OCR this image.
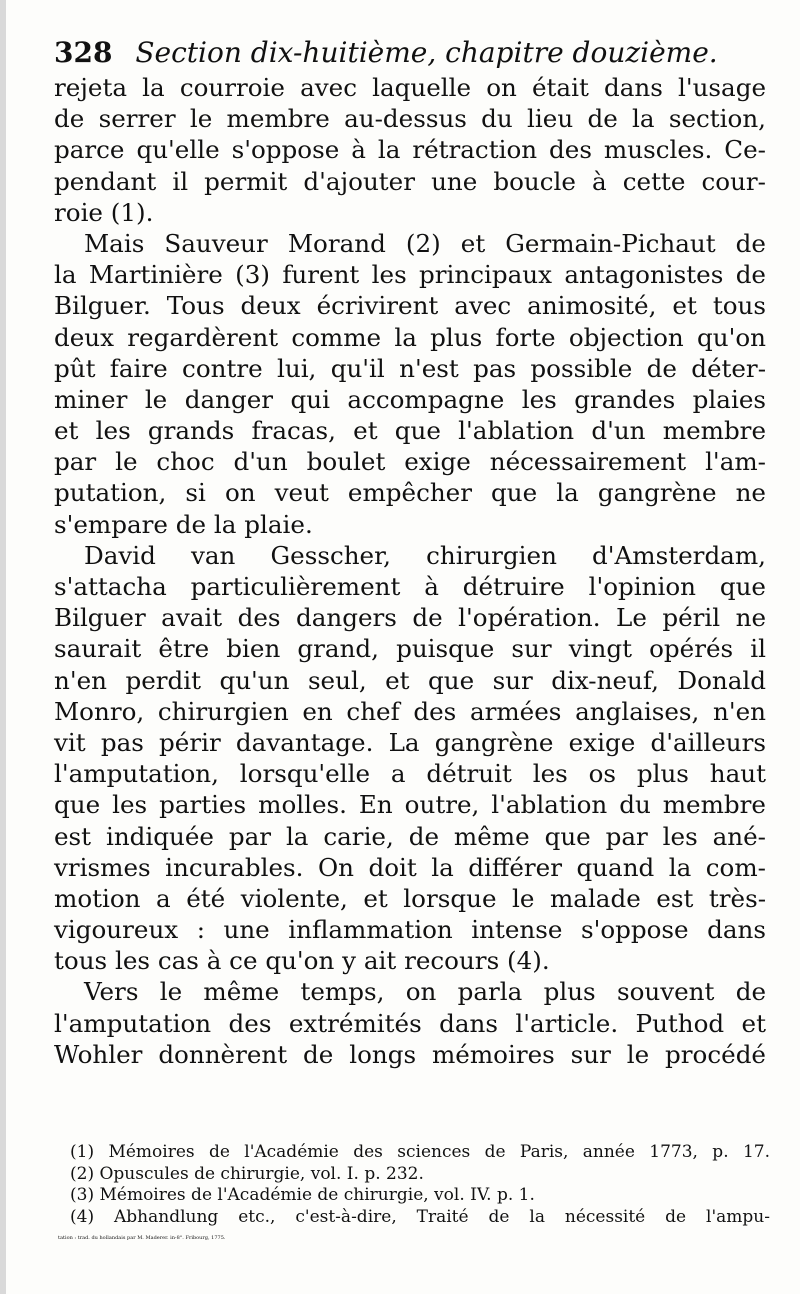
328 Section dix-huitième, chapitre douzième.
rejeta la courroie avec laquelle on était dans l'usage
de serrer le membre au-dessus du lieu de la section,
parce qu'elle s'oppose à la rétraction des muscles. Ce-
pendant il permit d'ajouter une boucle à cette cour-
roie (1).
Mais Sauveur Morand (2) et Germain-Pichaut de
la Martinière (3) furent les principaux antagonistes de
Bilguer. Tous deux écrivirent avec animosité, et tous
deux regardèrent comme la plus forte objection qu'on
pût faire contre lui, qu'il n'est pas possible de déter-
miner le danger qui accompagne les grandes plaies
et les grands fracas, et que l'ablation d'un membre
par le choc d'un boulet exige nécessairement l'am-
putation, si on veut empêcher que la gangrène ne
s'empare de la plaie.
David van Gesscher, chirurgien d'Amsterdam,
s'attacha particulièrement à détruire l'opinion que
Bilguer avait des dangers de l'opération. Le péril ne
saurait être bien grand, puisque sur vingt opérés il
n'en perdit qu'un seul, et que sur dix-neuf, Donald
Monro, chirurgien en chef des armées anglaises, n'en
vit pas périr davantage. La gangrène exige d'ailleurs
l'amputation, lorsqu'elle a détruit les os plus haut
que les parties molles. En outre, l'ablation du membre
est indiquée par la carie, de même que par les ané-
vrismes incurables. On doit la différer quand la com-
motion a été violente, et lorsque le malade est très-
vigoureux : une inflammation intense s'oppose dans
tous les cas à ce qu'on y ait recours (4).
Vers le même temps, on parla plus souvent de
l'amputation des extrémités dans l'article. Puthod et
Wohler donnèrent de longs mémoires sur le procédé
(1) Mémoires de l'Académie des sciences de Paris, année 1773, p. 17.
(2) Opuscules de chirurgie, vol. I. p. 232.
(3) Mémoires de l'Académie de chirurgie, vol. IV. p. 1.
(4) Abhandlung etc., c'est-à-dire, Traité de la nécessité de l'ampu-
tation : trad. du hollandais par M. Maderer. in-8°. Fribourg, 1775.
